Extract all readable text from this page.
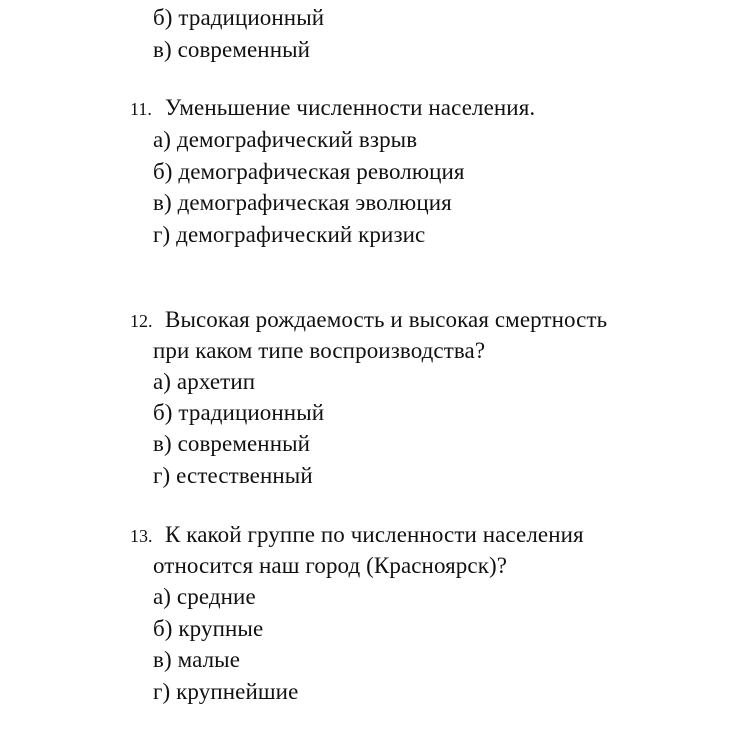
б) традиционный
в) современный
11. Уменьшение численности населения.
а) демографический взрыв
б) демографическая революция
в) демографическая эволюция
г) демографический кризис
12. Высокая рождаемость и высокая смертность
при каком типе воспроизводства?
а) архетип
б) традиционный
в) современный
г) естественный
13. К какой группе по численности населения
относится наш город (Красноярск)?
а) средние
б) крупные
в) малые
г) крупнейшие
